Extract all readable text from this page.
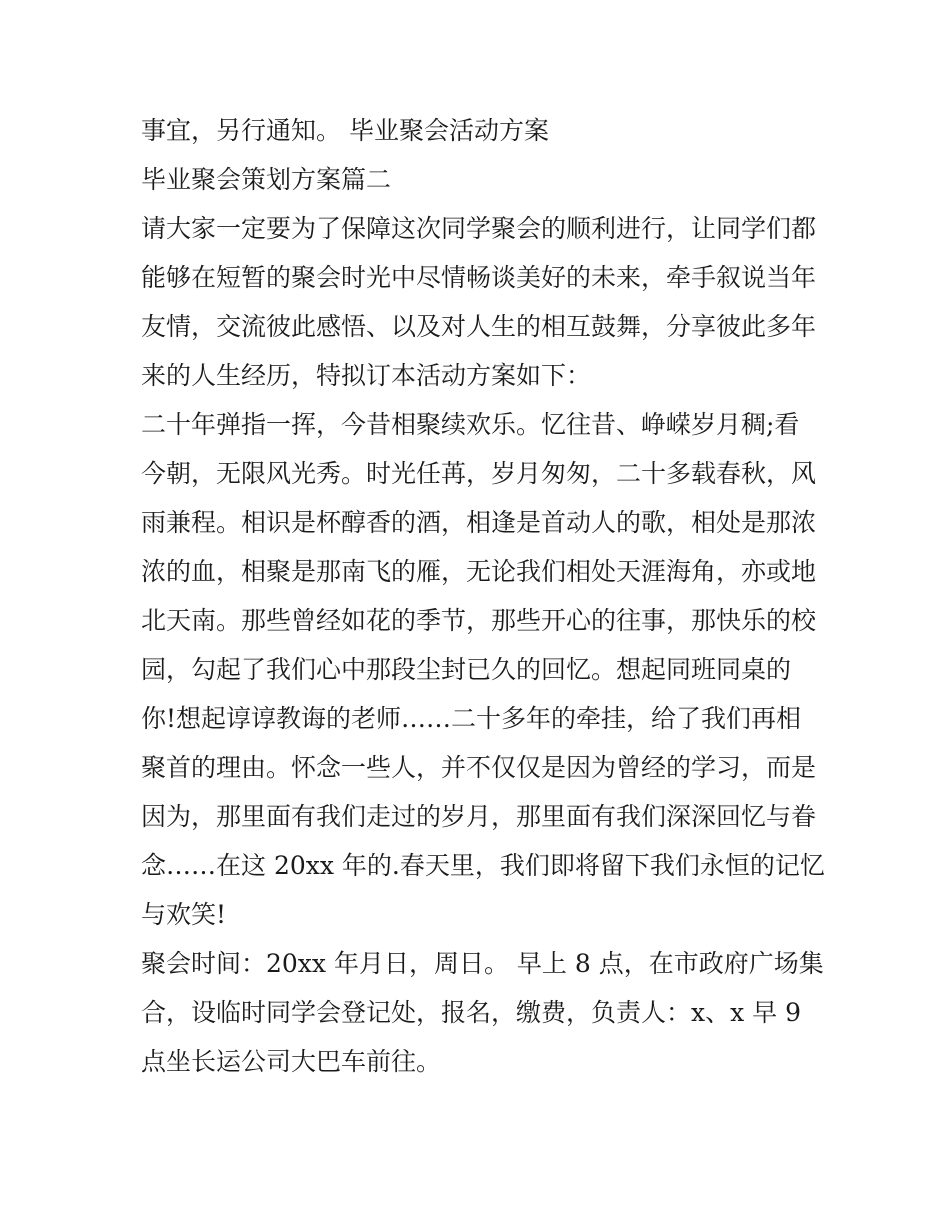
事宜，另行通知。 毕业聚会活动方案
毕业聚会策划方案篇二
请大家一定要为了保障这次同学聚会的顺利进行，让同学们都
能够在短暂的聚会时光中尽情畅谈美好的未来，牵手叙说当年
友情，交流彼此感悟、以及对人生的相互鼓舞，分享彼此多年
来的人生经历，特拟订本活动方案如下：
二十年弹指一挥，今昔相聚续欢乐。忆往昔、峥嵘岁月稠;看
今朝，无限风光秀。时光任苒，岁月匆匆，二十多载春秋，风
雨兼程。相识是杯醇香的酒，相逢是首动人的歌，相处是那浓
浓的血，相聚是那南飞的雁，无论我们相处天涯海角，亦或地
北天南。那些曾经如花的季节，那些开心的往事，那快乐的校
园，勾起了我们心中那段尘封已久的回忆。想起同班同桌的
你!想起谆谆教诲的老师……二十多年的牵挂，给了我们再相
聚首的理由。怀念一些人，并不仅仅是因为曾经的学习，而是
因为，那里面有我们走过的岁月，那里面有我们深深回忆与眷
念……在这 20xx 年的.春天里，我们即将留下我们永恒的记忆
与欢笑!
聚会时间：20xx 年月日，周日。 早上 8 点，在市政府广场集
合，设临时同学会登记处，报名，缴费，负责人：x、x 早 9
点坐长运公司大巴车前往。
